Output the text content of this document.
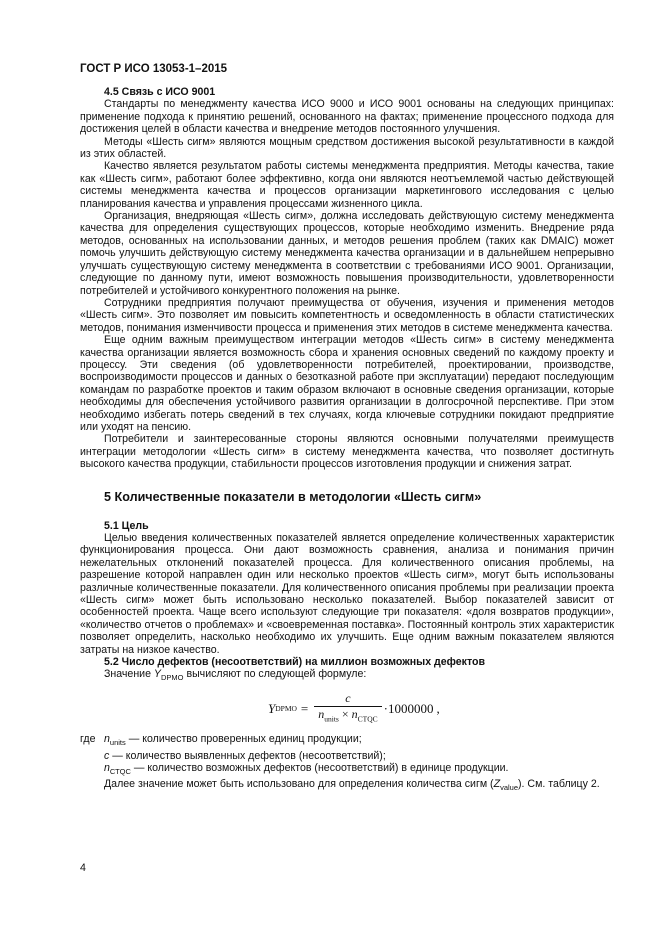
ГОСТ Р ИСО 13053-1–2015

4.5 Связь с ИСО 9001

Стандарты по менеджменту качества ИСО 9000 и ИСО 9001 основаны на следующих принципах: применение подхода к принятию решений, основанного на фактах; применение процессного подхода для достижения целей в области качества и внедрение методов постоянного улучшения.

Методы «Шесть сигм» являются мощным средством достижения высокой результативности в каждой из этих областей.

Качество является результатом работы системы менеджмента предприятия. Методы качества, такие как «Шесть сигм», работают более эффективно, когда они являются неотъемлемой частью действующей системы менеджмента качества и процессов организации маркетингового исследования с целью планирования качества и управления процессами жизненного цикла.

Организация, внедряющая «Шесть сигм», должна исследовать действующую систему менеджмента качества для определения существующих процессов, которые необходимо изменить. Внедрение ряда методов, основанных на использовании данных, и методов решения проблем (таких как DMAIC) может помочь улучшить действующую систему менеджмента качества организации и в дальнейшем непрерывно улучшать существующую систему менеджмента в соответствии с требованиями ИСО 9001. Организации, следующие по данному пути, имеют возможность повышения производительности, удовлетворенности потребителей и устойчивого конкурентного положения на рынке.

Сотрудники предприятия получают преимущества от обучения, изучения и применения методов «Шесть сигм». Это позволяет им повысить компетентность и осведомленность в области статистических методов, понимания изменчивости процесса и применения этих методов в системе менеджмента качества.

Еще одним важным преимуществом интеграции методов «Шесть сигм» в систему менеджмента качества организации является возможность сбора и хранения основных сведений по каждому проекту и процессу. Эти сведения (об удовлетворенности потребителей, проектировании, производстве, воспроизводимости процессов и данных о безотказной работе при эксплуатации) передают последующим командам по разработке проектов и таким образом включают в основные сведения организации, которые необходимы для обеспечения устойчивого развития организации в долгосрочной перспективе. При этом необходимо избегать потерь сведений в тех случаях, когда ключевые сотрудники покидают предприятие или уходят на пенсию.

Потребители и заинтересованные стороны являются основными получателями преимуществ интеграции методологии «Шесть сигм» в систему менеджмента качества, что позволяет достигнуть высокого качества продукции, стабильности процессов изготовления продукции и снижения затрат.

5 Количественные показатели в методологии «Шесть сигм»

5.1 Цель

Целью введения количественных показателей является определение количественных характеристик функционирования процесса. Они дают возможность сравнения, анализа и понимания причин нежелательных отклонений показателей процесса. Для количественного описания проблемы, на разрешение которой направлен один или несколько проектов «Шесть сигм», могут быть использованы различные количественные показатели. Для количественного описания проблемы при реализации проекта «Шесть сигм» может быть использовано несколько показателей. Выбор показателей зависит от особенностей проекта. Чаще всего используют следующие три показателя: «доля возвратов продукции», «количество отчетов о проблемах» и «своевременная поставка». Постоянный контроль этих характеристик позволяет определить, насколько необходимо их улучшить. Еще одним важным показателем являются затраты на низкое качество.

5.2 Число дефектов (несоответствий) на миллион возможных дефектов

Значение $Y_{DPMO}$ вычисляют по следующей формуле:

Y DPMO = $\frac{c}{n_{units} \times n_{СТQС}} \cdot 1000000$ ,

где $n_{units}$ — количество проверенных единиц продукции;

с — количество выявленных дефектов (несоответствий);

$n_{СТQС}$ — количество возможных дефектов (несоответствий) в единице продукции.

Далее значение может быть использовано для определения количества сигм $(Z_{value})$. См. таблицу 2.

4
